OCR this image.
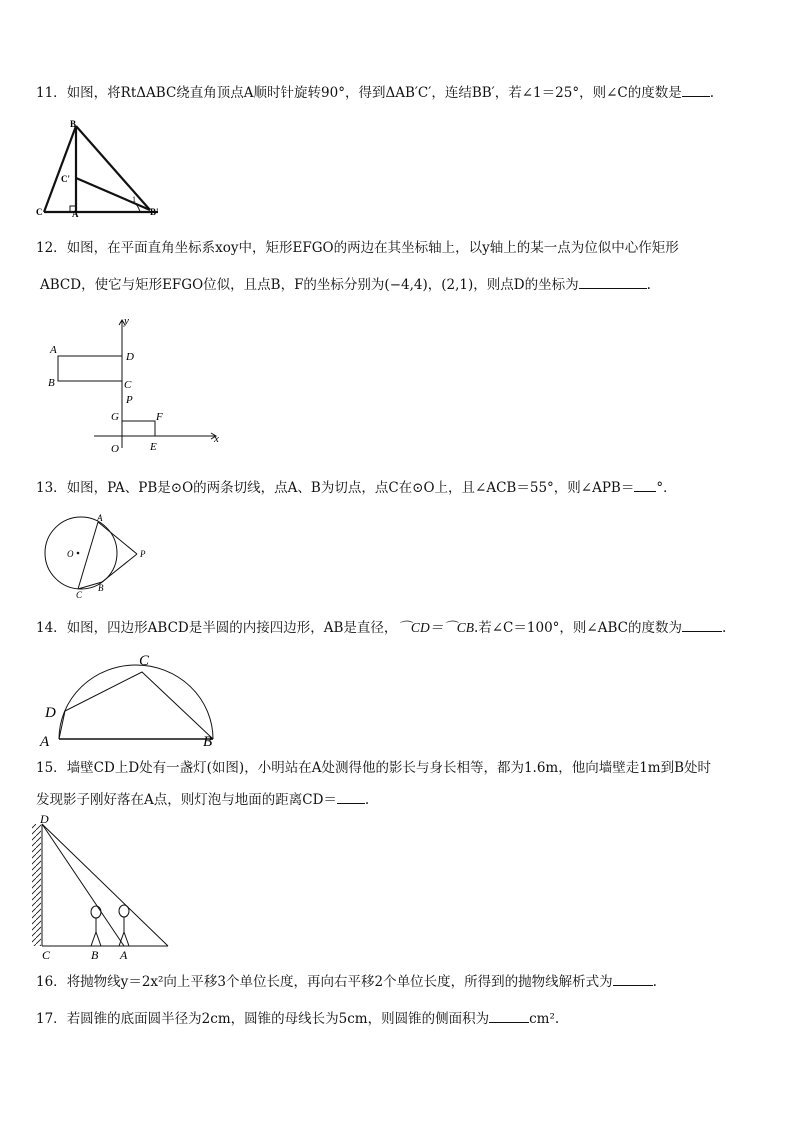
11．如图，将RtΔABC绕直角顶点A顺时针旋转90°，得到ΔAB′C′，连结BB′，若∠1＝25°，则∠C的度数是 .
B
C'
C	A	B'
1
12．如图，在平面直角坐标系xoy中，矩形EFGO的两边在其坐标轴上，以y轴上的某一点为位似中心作矩形
ABCD，使它与矩形EFGO位似，且点B，F的坐标分别为(−4,4)，(2,1)，则点D的坐标为	.
y
x
A
B
D
C
P
G	F
O	E
13．如图，PA、PB是⊙O的两条切线，点A、B为切点，点C在⊙O上，且∠ACB＝55°，则∠APB＝ °．
O
A
P
B
C
14．如图，四边形ABCD是半圆的内接四边形，AB是直径，⌒CD＝⌒CB.若∠C＝100°，则∠ABC的度数为	.
C
D
A	B
15．墙壁CD上D处有一盏灯(如图)，小明站在A处测得他的影长与身长相等，都为1.6m，他向墙壁走1m到B处时
发现影子刚好落在A点，则灯泡与地面的距离CD＝ .
D
C	B A
16．将抛物线y＝2x²向上平移3个单位长度，再向右平移2个单位长度，所得到的抛物线解析式为	.
17．若圆锥的底面圆半径为2cm，圆锥的母线长为5cm，则圆锥的侧面积为	cm².
